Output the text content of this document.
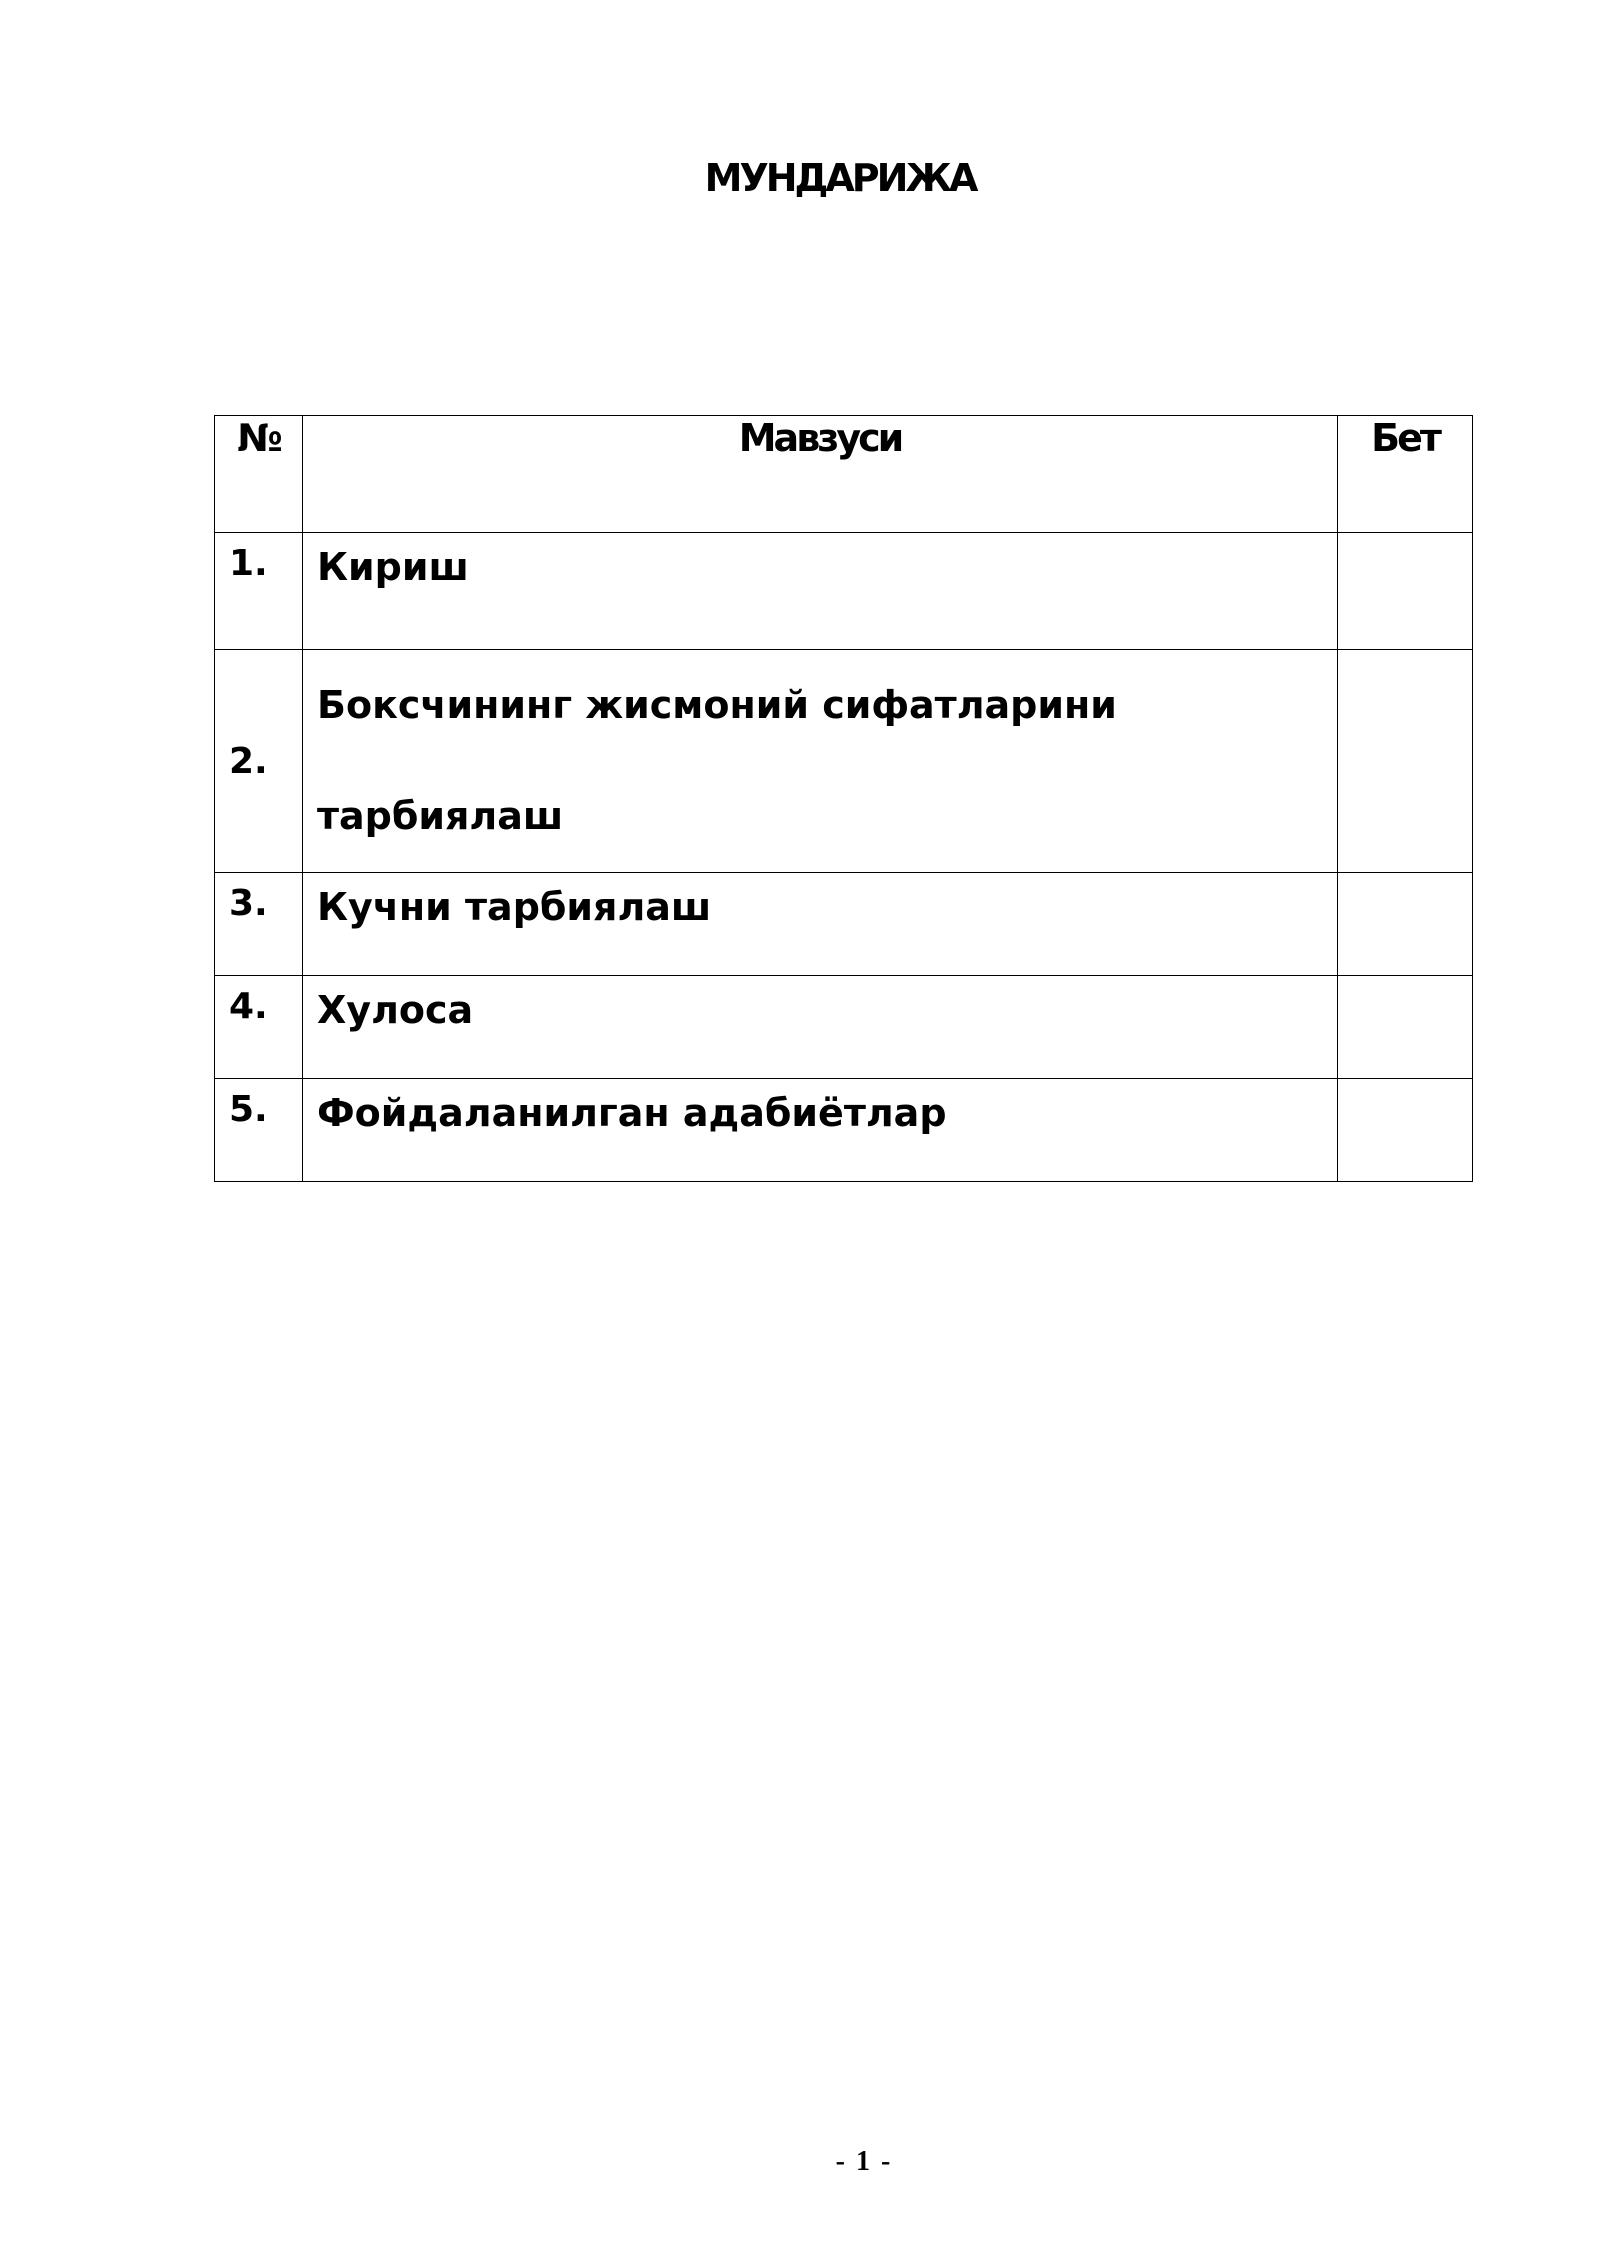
МУНДАРИЖА
№	Мавзуси	Бет
1.	Кириш	
2.	Боксчининг жисмоний сифатларини тарбиялаш	
3.	Кучни тарбиялаш	
4.	Хулоса	
5.	Фойдаланилган адабиётлар	
- 1 -
